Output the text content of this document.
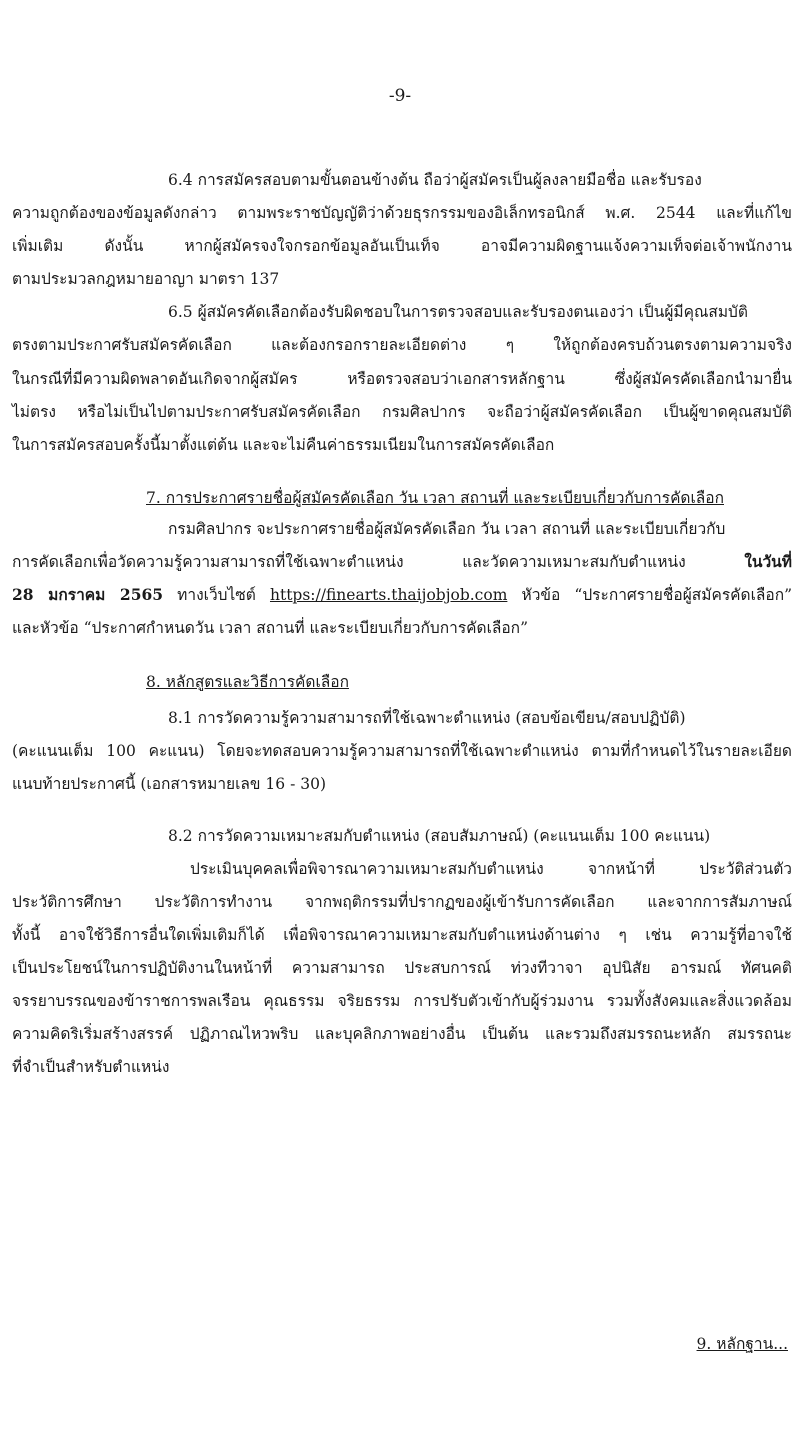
-9-
6.4 การสมัครสอบตามขั้นตอนข้างต้น ถือว่าผู้สมัครเป็นผู้ลงลายมือชื่อ และรับรอง
ความถูกต้องของข้อมูลดังกล่าว ตามพระราชบัญญัติว่าด้วยธุรกรรมของอิเล็กทรอนิกส์ พ.ศ. 2544 และที่แก้ไข
เพิ่มเติม ดังนั้น หากผู้สมัครจงใจกรอกข้อมูลอันเป็นเท็จ อาจมีความผิดฐานแจ้งความเท็จต่อเจ้าพนักงาน
ตามประมวลกฎหมายอาญา มาตรา 137
6.5 ผู้สมัครคัดเลือกต้องรับผิดชอบในการตรวจสอบและรับรองตนเองว่า เป็นผู้มีคุณสมบัติ
ตรงตามประกาศรับสมัครคัดเลือก และต้องกรอกรายละเอียดต่าง ๆ ให้ถูกต้องครบถ้วนตรงตามความจริง
ในกรณีที่มีความผิดพลาดอันเกิดจากผู้สมัคร หรือตรวจสอบว่าเอกสารหลักฐาน ซึ่งผู้สมัครคัดเลือกนำมายื่น
ไม่ตรง หรือไม่เป็นไปตามประกาศรับสมัครคัดเลือก กรมศิลปากร จะถือว่าผู้สมัครคัดเลือก เป็นผู้ขาดคุณสมบัติ
ในการสมัครสอบครั้งนี้มาตั้งแต่ต้น และจะไม่คืนค่าธรรมเนียมในการสมัครคัดเลือก
7. การประกาศรายชื่อผู้สมัครคัดเลือก วัน เวลา สถานที่ และระเบียบเกี่ยวกับการคัดเลือก
กรมศิลปากร จะประกาศรายชื่อผู้สมัครคัดเลือก วัน เวลา สถานที่ และระเบียบเกี่ยวกับ
การคัดเลือกเพื่อวัดความรู้ความสามารถที่ใช้เฉพาะตำแหน่ง และวัดความเหมาะสมกับตำแหน่ง ในวันที่
28 มกราคม 2565 ทางเว็บไซต์ https://finearts.thaijobjob.com หัวข้อ “ประกาศรายชื่อผู้สมัครคัดเลือก”
และหัวข้อ “ประกาศกำหนดวัน เวลา สถานที่ และระเบียบเกี่ยวกับการคัดเลือก”
8. หลักสูตรและวิธีการคัดเลือก
8.1 การวัดความรู้ความสามารถที่ใช้เฉพาะตำแหน่ง (สอบข้อเขียน/สอบปฏิบัติ)
(คะแนนเต็ม 100 คะแนน) โดยจะทดสอบความรู้ความสามารถที่ใช้เฉพาะตำแหน่ง ตามที่กำหนดไว้ในรายละเอียด
แนบท้ายประกาศนี้ (เอกสารหมายเลข 16 - 30)
8.2 การวัดความเหมาะสมกับตำแหน่ง (สอบสัมภาษณ์) (คะแนนเต็ม 100 คะแนน)
ประเมินบุคคลเพื่อพิจารณาความเหมาะสมกับตำแหน่ง จากหน้าที่ ประวัติส่วนตัว
ประวัติการศึกษา ประวัติการทำงาน จากพฤติกรรมที่ปรากฏของผู้เข้ารับการคัดเลือก และจากการสัมภาษณ์
ทั้งนี้ อาจใช้วิธีการอื่นใดเพิ่มเติมก็ได้ เพื่อพิจารณาความเหมาะสมกับตำแหน่งด้านต่าง ๆ เช่น ความรู้ที่อาจใช้
เป็นประโยชน์ในการปฏิบัติงานในหน้าที่ ความสามารถ ประสบการณ์ ท่วงทีวาจา อุปนิสัย อารมณ์ ทัศนคติ
จรรยาบรรณของข้าราชการพลเรือน คุณธรรม จริยธรรม การปรับตัวเข้ากับผู้ร่วมงาน รวมทั้งสังคมและสิ่งแวดล้อม
ความคิดริเริ่มสร้างสรรค์ ปฏิภาณไหวพริบ และบุคลิกภาพอย่างอื่น เป็นต้น และรวมถึงสมรรถนะหลัก สมรรถนะ
ที่จำเป็นสำหรับตำแหน่ง
9. หลักฐาน...
